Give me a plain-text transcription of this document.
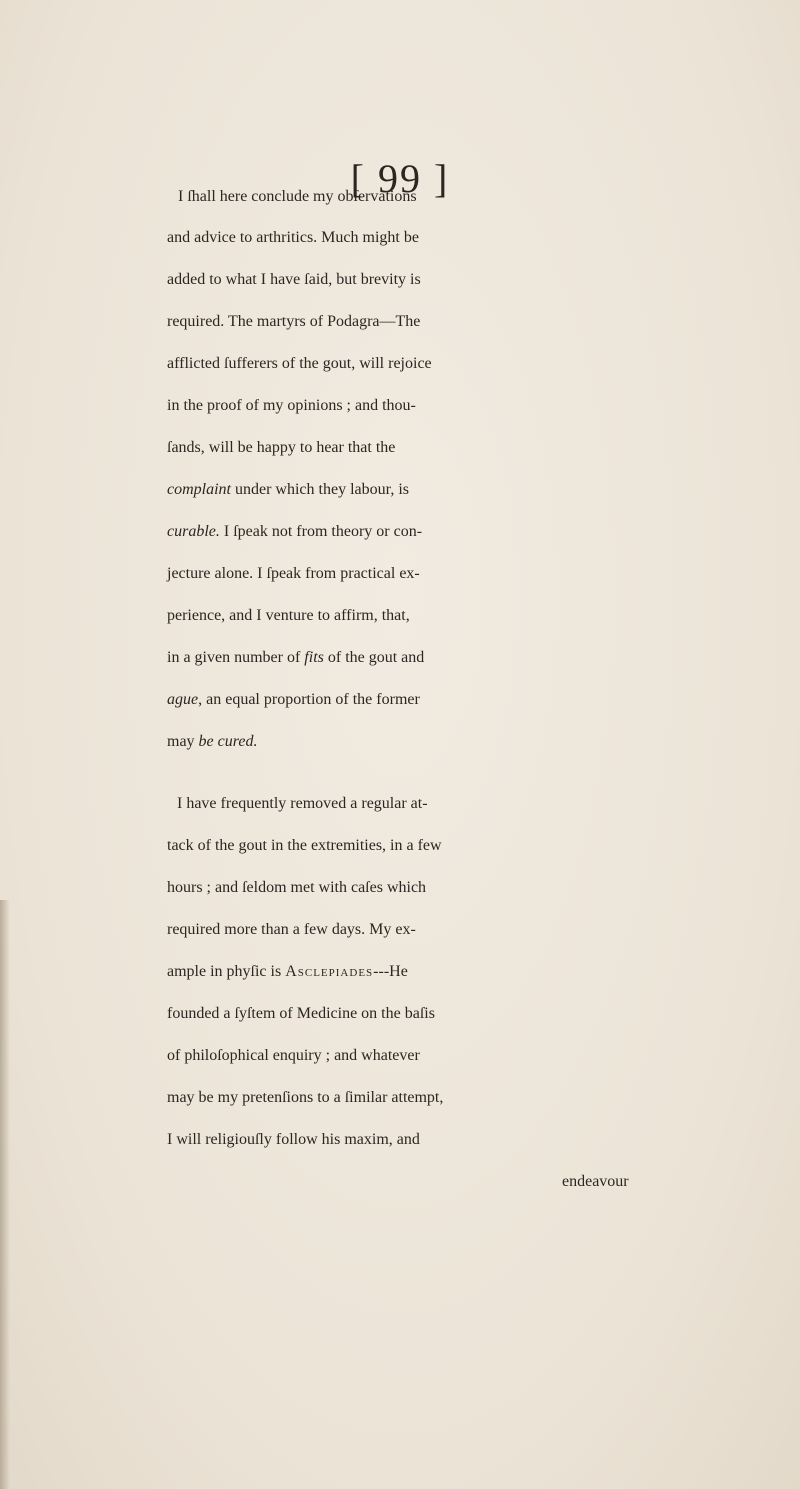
[ 99 ]
I ſhall here conclude my obſervations
and advice to arthritics. Much might be
added to what I have ſaid, but brevity is
required. The martyrs of Podagra—The
afflicted ſufferers of the gout, will rejoice
in the proof of my opinions ; and thou-
ſands, will be happy to hear that the
complaint under which they labour, is
curable. I ſpeak not from theory or con-
jecture alone. I ſpeak from practical ex-
perience, and I venture to affirm, that,
in a given number of fits of the gout and
ague, an equal proportion of the former
may be cured.
I have frequently removed a regular at-
tack of the gout in the extremities, in a few
hours ; and ſeldom met with caſes which
required more than a few days. My ex-
ample in phyſic is Asclepiades---He
founded a ſyſtem of Medicine on the baſis
of philoſophical enquiry ; and whatever
may be my pretenſions to a ſimilar attempt,
I will religiouſly follow his maxim, and
endeavour
